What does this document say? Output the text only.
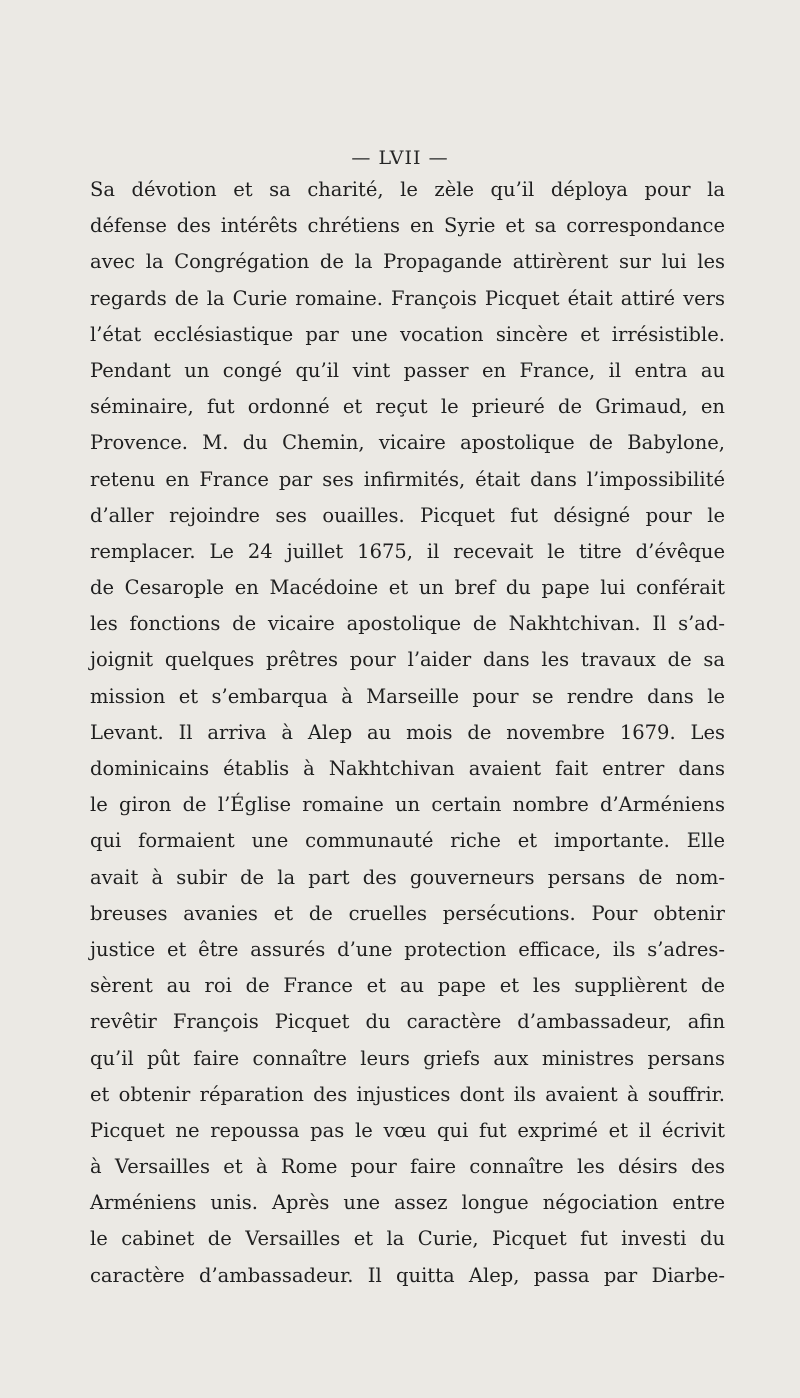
— LVII —
Sa dévotion et sa charité, le zèle qu’il déploya pour la
défense des intérêts chrétiens en Syrie et sa correspondance
avec la Congrégation de la Propagande attirèrent sur lui les
regards de la Curie romaine. François Picquet était attiré vers
l’état ecclésiastique par une vocation sincère et irrésistible.
Pendant un congé qu’il vint passer en France, il entra au
séminaire, fut ordonné et reçut le prieuré de Grimaud, en
Provence. M. du Chemin, vicaire apostolique de Babylone,
retenu en France par ses infirmités, était dans l’impossibilité
d’aller rejoindre ses ouailles. Picquet fut désigné pour le
remplacer. Le 24 juillet 1675, il recevait le titre d’évêque
de Cesarople en Macédoine et un bref du pape lui conférait
les fonctions de vicaire apostolique de Nakhtchivan. Il s’ad-
joignit quelques prêtres pour l’aider dans les travaux de sa
mission et s’embarqua à Marseille pour se rendre dans le
Levant. Il arriva à Alep au mois de novembre 1679. Les
dominicains établis à Nakhtchivan avaient fait entrer dans
le giron de l’Église romaine un certain nombre d’Arméniens
qui formaient une communauté riche et importante. Elle
avait à subir de la part des gouverneurs persans de nom-
breuses avanies et de cruelles persécutions. Pour obtenir
justice et être assurés d’une protection efficace, ils s’adres-
sèrent au roi de France et au pape et les supplièrent de
revêtir François Picquet du caractère d’ambassadeur, afin
qu’il pût faire connaître leurs griefs aux ministres persans
et obtenir réparation des injustices dont ils avaient à souffrir.
Picquet ne repoussa pas le vœu qui fut exprimé et il écrivit
à Versailles et à Rome pour faire connaître les désirs des
Arméniens unis. Après une assez longue négociation entre
le cabinet de Versailles et la Curie, Picquet fut investi du
caractère d’ambassadeur. Il quitta Alep, passa par Diarbe-
